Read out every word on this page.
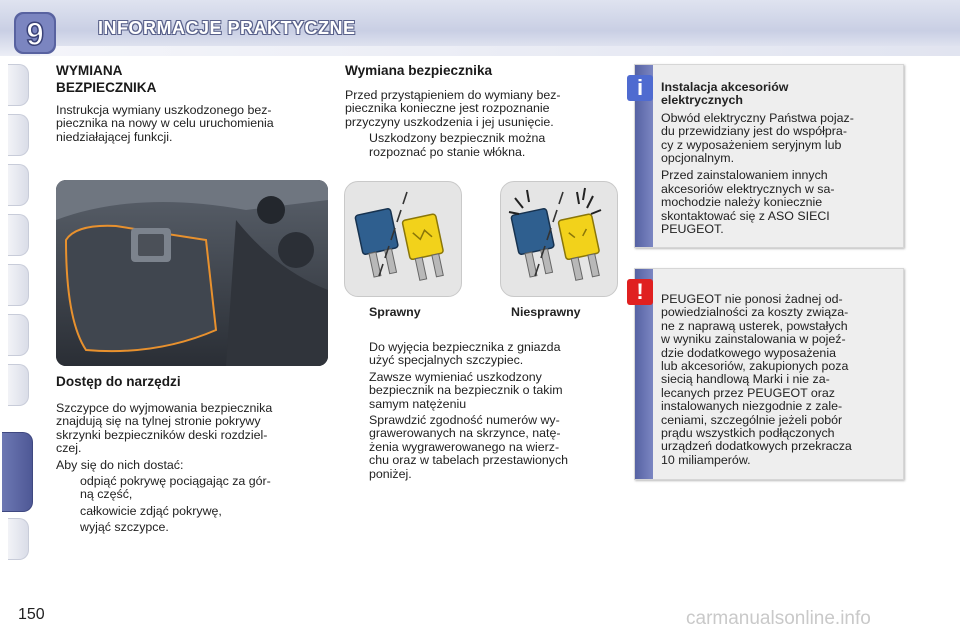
9	INFORMACJE PRAKTYCZNE
WYMIANA
BEZPIECZNIKA
Instrukcja wymiany uszkodzonego bez-
piecznika na nowy w celu uruchomienia
niedziałającej funkcji.
Dostęp do narzędzi
Szczypce do wyjmowania bezpiecznika
znajdują się na tylnej stronie pokrywy
skrzynki bezpieczników deski rozdziel-
czej.
Aby się do nich dostać:
odpiąć pokrywę pociągając za gór-
ną część,
całkowicie zdjąć pokrywę,
wyjąć szczypce.
Wymiana bezpiecznika
Przed przystąpieniem do wymiany bez-
piecznika konieczne jest rozpoznanie
przyczyny uszkodzenia i jej usunięcie.
Uszkodzony bezpiecznik można
rozpoznać po stanie włókna.
Sprawny	Niesprawny
Do wyjęcia bezpiecznika z gniazda
użyć specjalnych szczypiec.
Zawsze wymieniać uszkodzony
bezpiecznik na bezpiecznik o takim
samym natężeniu
Sprawdzić zgodność numerów wy-
grawerowanych na skrzynce, natę-
żenia wygrawerowanego na wierz-
chu oraz w tabelach przestawionych
poniżej.
i	Instalacja akcesoriów
elektrycznych
Obwód elektryczny Państwa pojaz-
du przewidziany jest do współpra-
cy z wyposażeniem seryjnym lub
opcjonalnym.
Przed zainstalowaniem innych
akcesoriów elektrycznych w sa-
mochodzie należy koniecznie
skontaktować się z ASO SIECI
PEUGEOT.
!	PEUGEOT nie ponosi żadnej od-
powiedzialności za koszty związa-
ne z naprawą usterek, powstałych
w wyniku zainstalowania w pojeź-
dzie dodatkowego wyposażenia
lub akcesoriów, zakupionych poza
siecią handlową Marki i nie za-
lecanych przez PEUGEOT oraz
instalowanych niezgodnie z zale-
ceniami, szczególnie jeżeli pobór
prądu wszystkich podłączonych
urządzeń dodatkowych przekracza
10 miliamperów.
150	carmanualsonline.info
